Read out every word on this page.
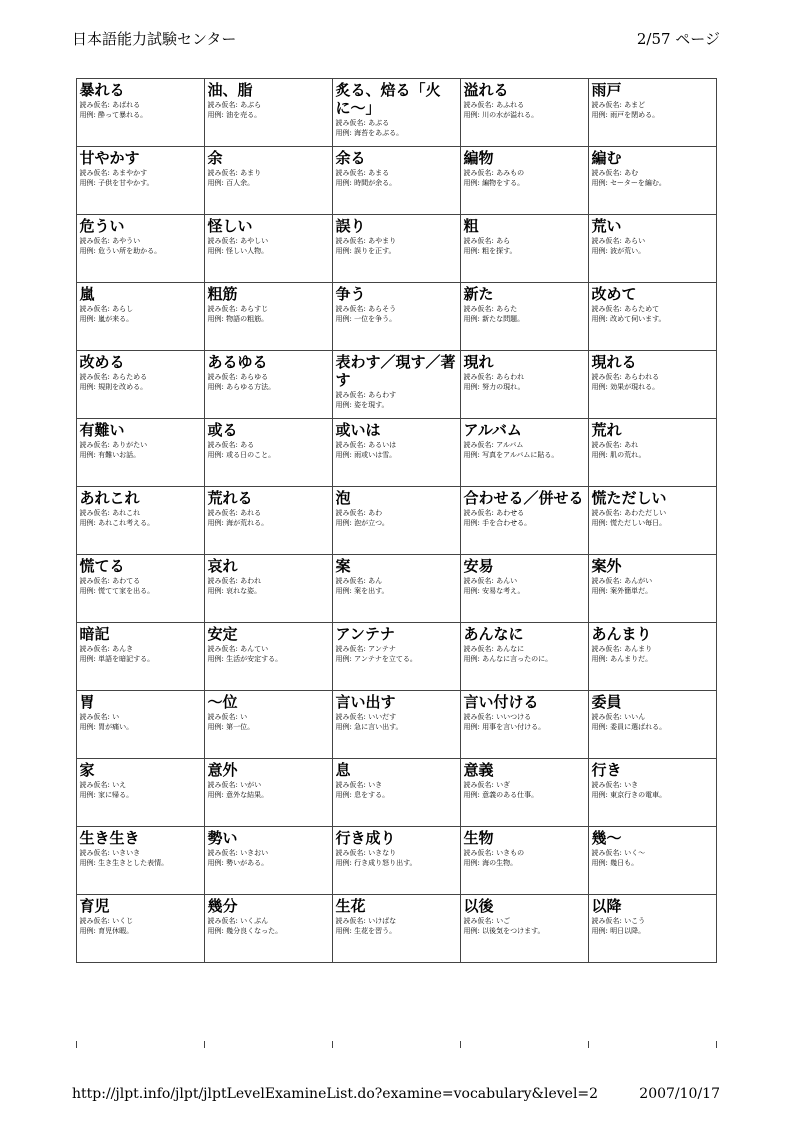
日本語能力試験センター	2/57 ページ
暴れる
読み仮名: あばれる
用例: 酔って暴れる。
油、脂
読み仮名: あぶら
用例: 油を売る。
炙る、焙る「火に〜」
読み仮名: あぶる
用例: 海苔をあぶる。
溢れる
読み仮名: あふれる
用例: 川の水が溢れる。
雨戸
読み仮名: あまど
用例: 雨戸を閉める。
甘やかす
読み仮名: あまやかす
用例: 子供を甘やかす。
余
読み仮名: あまり
用例: 百人余。
余る
読み仮名: あまる
用例: 時間が余る。
編物
読み仮名: あみもの
用例: 編物をする。
編む
読み仮名: あむ
用例: セーターを編む。
危うい
読み仮名: あやうい
用例: 危うい所を助かる。
怪しい
読み仮名: あやしい
用例: 怪しい人物。
誤り
読み仮名: あやまり
用例: 誤りを正す。
粗
読み仮名: あら
用例: 粗を探す。
荒い
読み仮名: あらい
用例: 波が荒い。
嵐
読み仮名: あらし
用例: 嵐が来る。
粗筋
読み仮名: あらすじ
用例: 物語の粗筋。
争う
読み仮名: あらそう
用例: 一位を争う。
新た
読み仮名: あらた
用例: 新たな問題。
改めて
読み仮名: あらためて
用例: 改めて伺います。
改める
読み仮名: あらためる
用例: 規則を改める。
あるゆる
読み仮名: あらゆる
用例: あらゆる方法。
表わす／現す／著す
読み仮名: あらわす
用例: 姿を現す。
現れ
読み仮名: あらわれ
用例: 努力の現れ。
現れる
読み仮名: あらわれる
用例: 効果が現れる。
有難い
読み仮名: ありがたい
用例: 有難いお話。
或る
読み仮名: ある
用例: 或る日のこと。
或いは
読み仮名: あるいは
用例: 雨或いは雪。
アルバム
読み仮名: アルバム
用例: 写真をアルバムに貼る。
荒れ
読み仮名: あれ
用例: 肌の荒れ。
あれこれ
読み仮名: あれこれ
用例: あれこれ考える。
荒れる
読み仮名: あれる
用例: 海が荒れる。
泡
読み仮名: あわ
用例: 泡が立つ。
合わせる／併せる
読み仮名: あわせる
用例: 手を合わせる。
慌ただしい
読み仮名: あわただしい
用例: 慌ただしい毎日。
慌てる
読み仮名: あわてる
用例: 慌てて家を出る。
哀れ
読み仮名: あわれ
用例: 哀れな姿。
案
読み仮名: あん
用例: 案を出す。
安易
読み仮名: あんい
用例: 安易な考え。
案外
読み仮名: あんがい
用例: 案外簡単だ。
暗記
読み仮名: あんき
用例: 単語を暗記する。
安定
読み仮名: あんてい
用例: 生活が安定する。
アンテナ
読み仮名: アンテナ
用例: アンテナを立てる。
あんなに
読み仮名: あんなに
用例: あんなに言ったのに。
あんまり
読み仮名: あんまり
用例: あんまりだ。
胃
読み仮名: い
用例: 胃が痛い。
〜位
読み仮名: い
用例: 第一位。
言い出す
読み仮名: いいだす
用例: 急に言い出す。
言い付ける
読み仮名: いいつける
用例: 用事を言い付ける。
委員
読み仮名: いいん
用例: 委員に選ばれる。
家
読み仮名: いえ
用例: 家に帰る。
意外
読み仮名: いがい
用例: 意外な結果。
息
読み仮名: いき
用例: 息をする。
意義
読み仮名: いぎ
用例: 意義のある仕事。
行き
読み仮名: いき
用例: 東京行きの電車。
生き生き
読み仮名: いきいき
用例: 生き生きとした表情。
勢い
読み仮名: いきおい
用例: 勢いがある。
行き成り
読み仮名: いきなり
用例: 行き成り怒り出す。
生物
読み仮名: いきもの
用例: 海の生物。
幾〜
読み仮名: いく〜
用例: 幾日も。
育児
読み仮名: いくじ
用例: 育児休暇。
幾分
読み仮名: いくぶん
用例: 幾分良くなった。
生花
読み仮名: いけばな
用例: 生花を習う。
以後
読み仮名: いご
用例: 以後気をつけます。
以降
読み仮名: いこう
用例: 明日以降。
http://jlpt.info/jlpt/jlptLevelExamineList.do?examine=vocabulary&level=2	2007/10/17
